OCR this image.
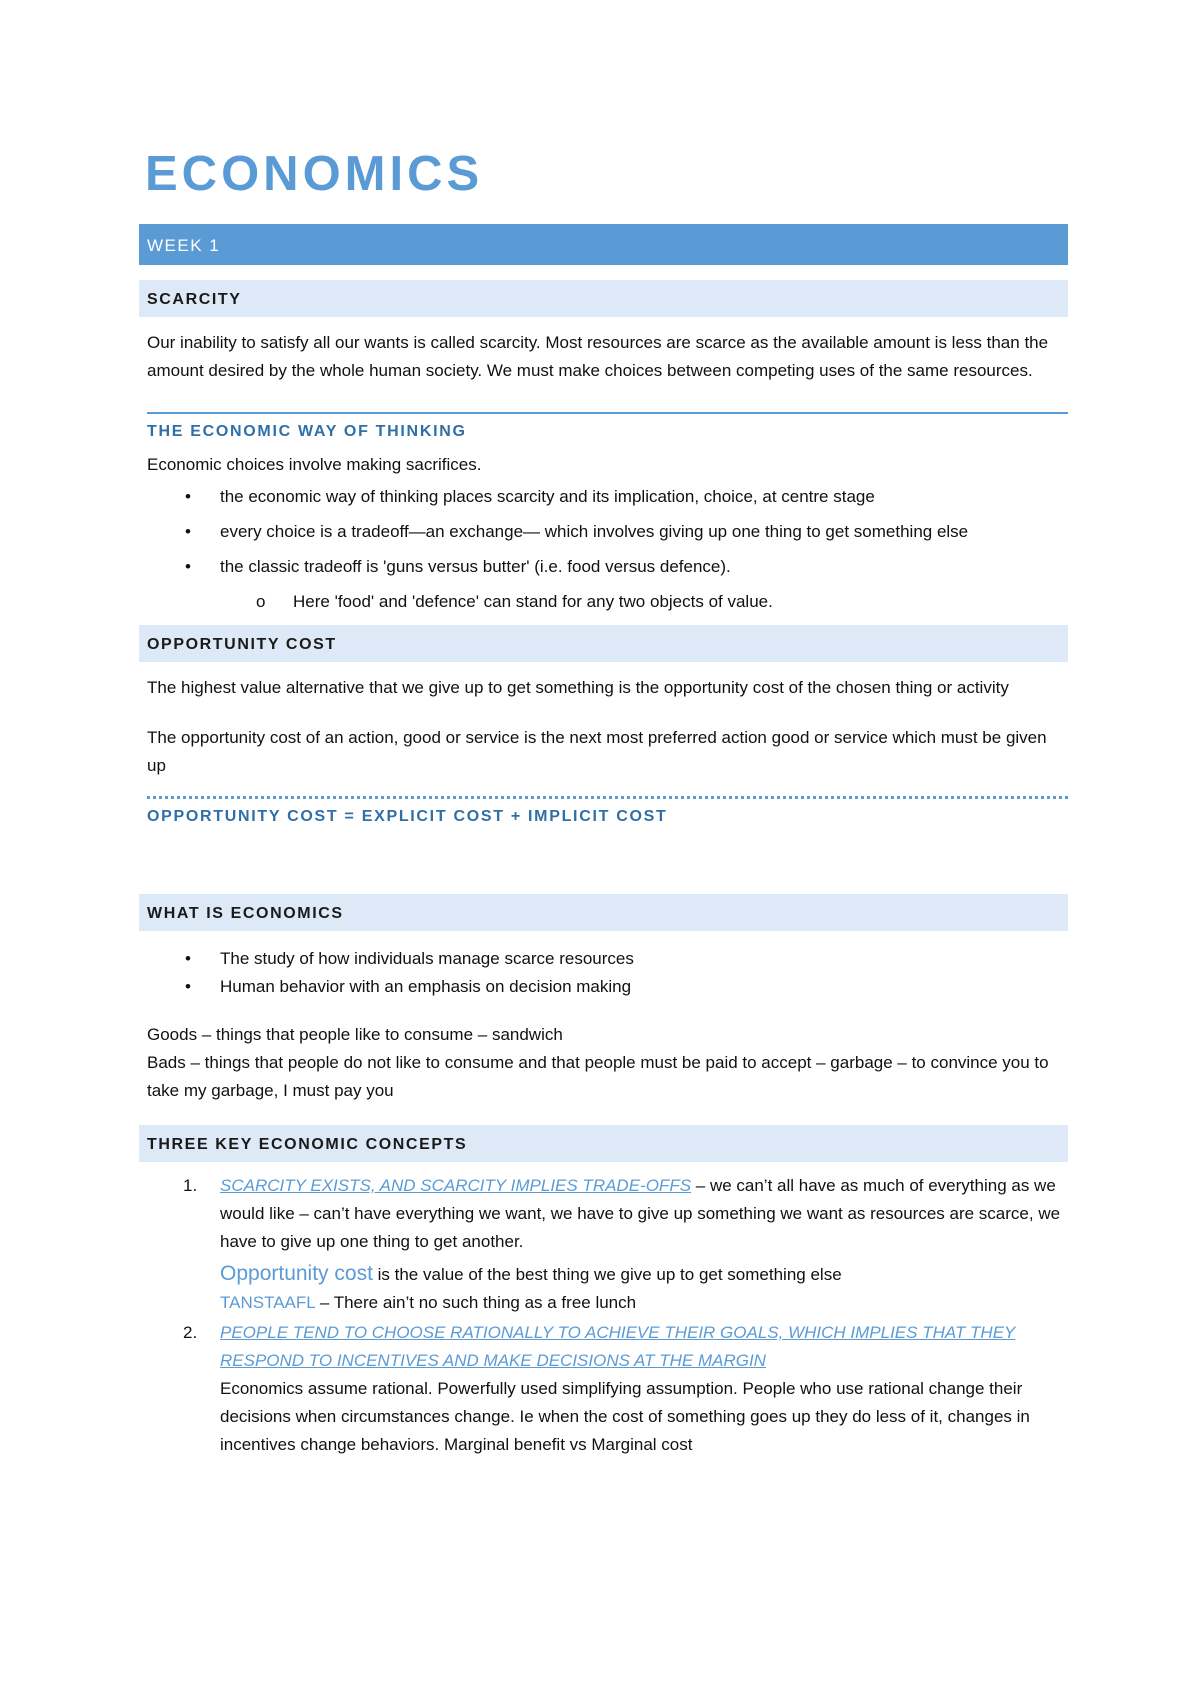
ECONOMICS
WEEK 1
SCARCITY

Our inability to satisfy all our wants is called scarcity. Most resources are scarce as the available amount is less than the amount desired by the whole human society. We must make choices between competing uses of the same resources.

THE ECONOMIC WAY OF THINKING

Economic choices involve making sacrifices.

• the economic way of thinking places scarcity and its implication, choice, at centre stage
• every choice is a tradeoff—an exchange— which involves giving up one thing to get something else
• the classic tradeoff is 'guns versus butter' (i.e. food versus defence).
o Here 'food' and 'defence' can stand for any two objects of value.
OPPORTUNITY COST

The highest value alternative that we give up to get something is the opportunity cost of the chosen thing or activity

The opportunity cost of an action, good or service is the next most preferred action good or service which must be given up

OPPORTUNITY COST = EXPLICIT COST + IMPLICIT COST
WHAT IS ECONOMICS
• The study of how individuals manage scarce resources
• Human behavior with an emphasis on decision making

Goods – things that people like to consume – sandwich

Bads – things that people do not like to consume and that people must be paid to accept – garbage – to convince you to take my garbage, I must pay you

THREE KEY ECONOMIC CONCEPTS
1. SCARCITY EXISTS, AND SCARCITY IMPLIES TRADE-OFFS – we can’t all have as much of everything as we would like – can’t have everything we want, we have to give up something we want as resources are scarce, we have to give up one thing to get another.
Opportunity cost is the value of the best thing we give up to get something else
TANSTAAFL – There ain’t no such thing as a free lunch
2. PEOPLE TEND TO CHOOSE RATIONALLY TO ACHIEVE THEIR GOALS, WHICH IMPLIES THAT THEY RESPOND TO INCENTIVES AND MAKE DECISIONS AT THE MARGIN
Economics assume rational. Powerfully used simplifying assumption. People who use rational change their decisions when circumstances change. Ie when the cost of something goes up they do less of it, changes in incentives change behaviors. Marginal benefit vs Marginal cost
